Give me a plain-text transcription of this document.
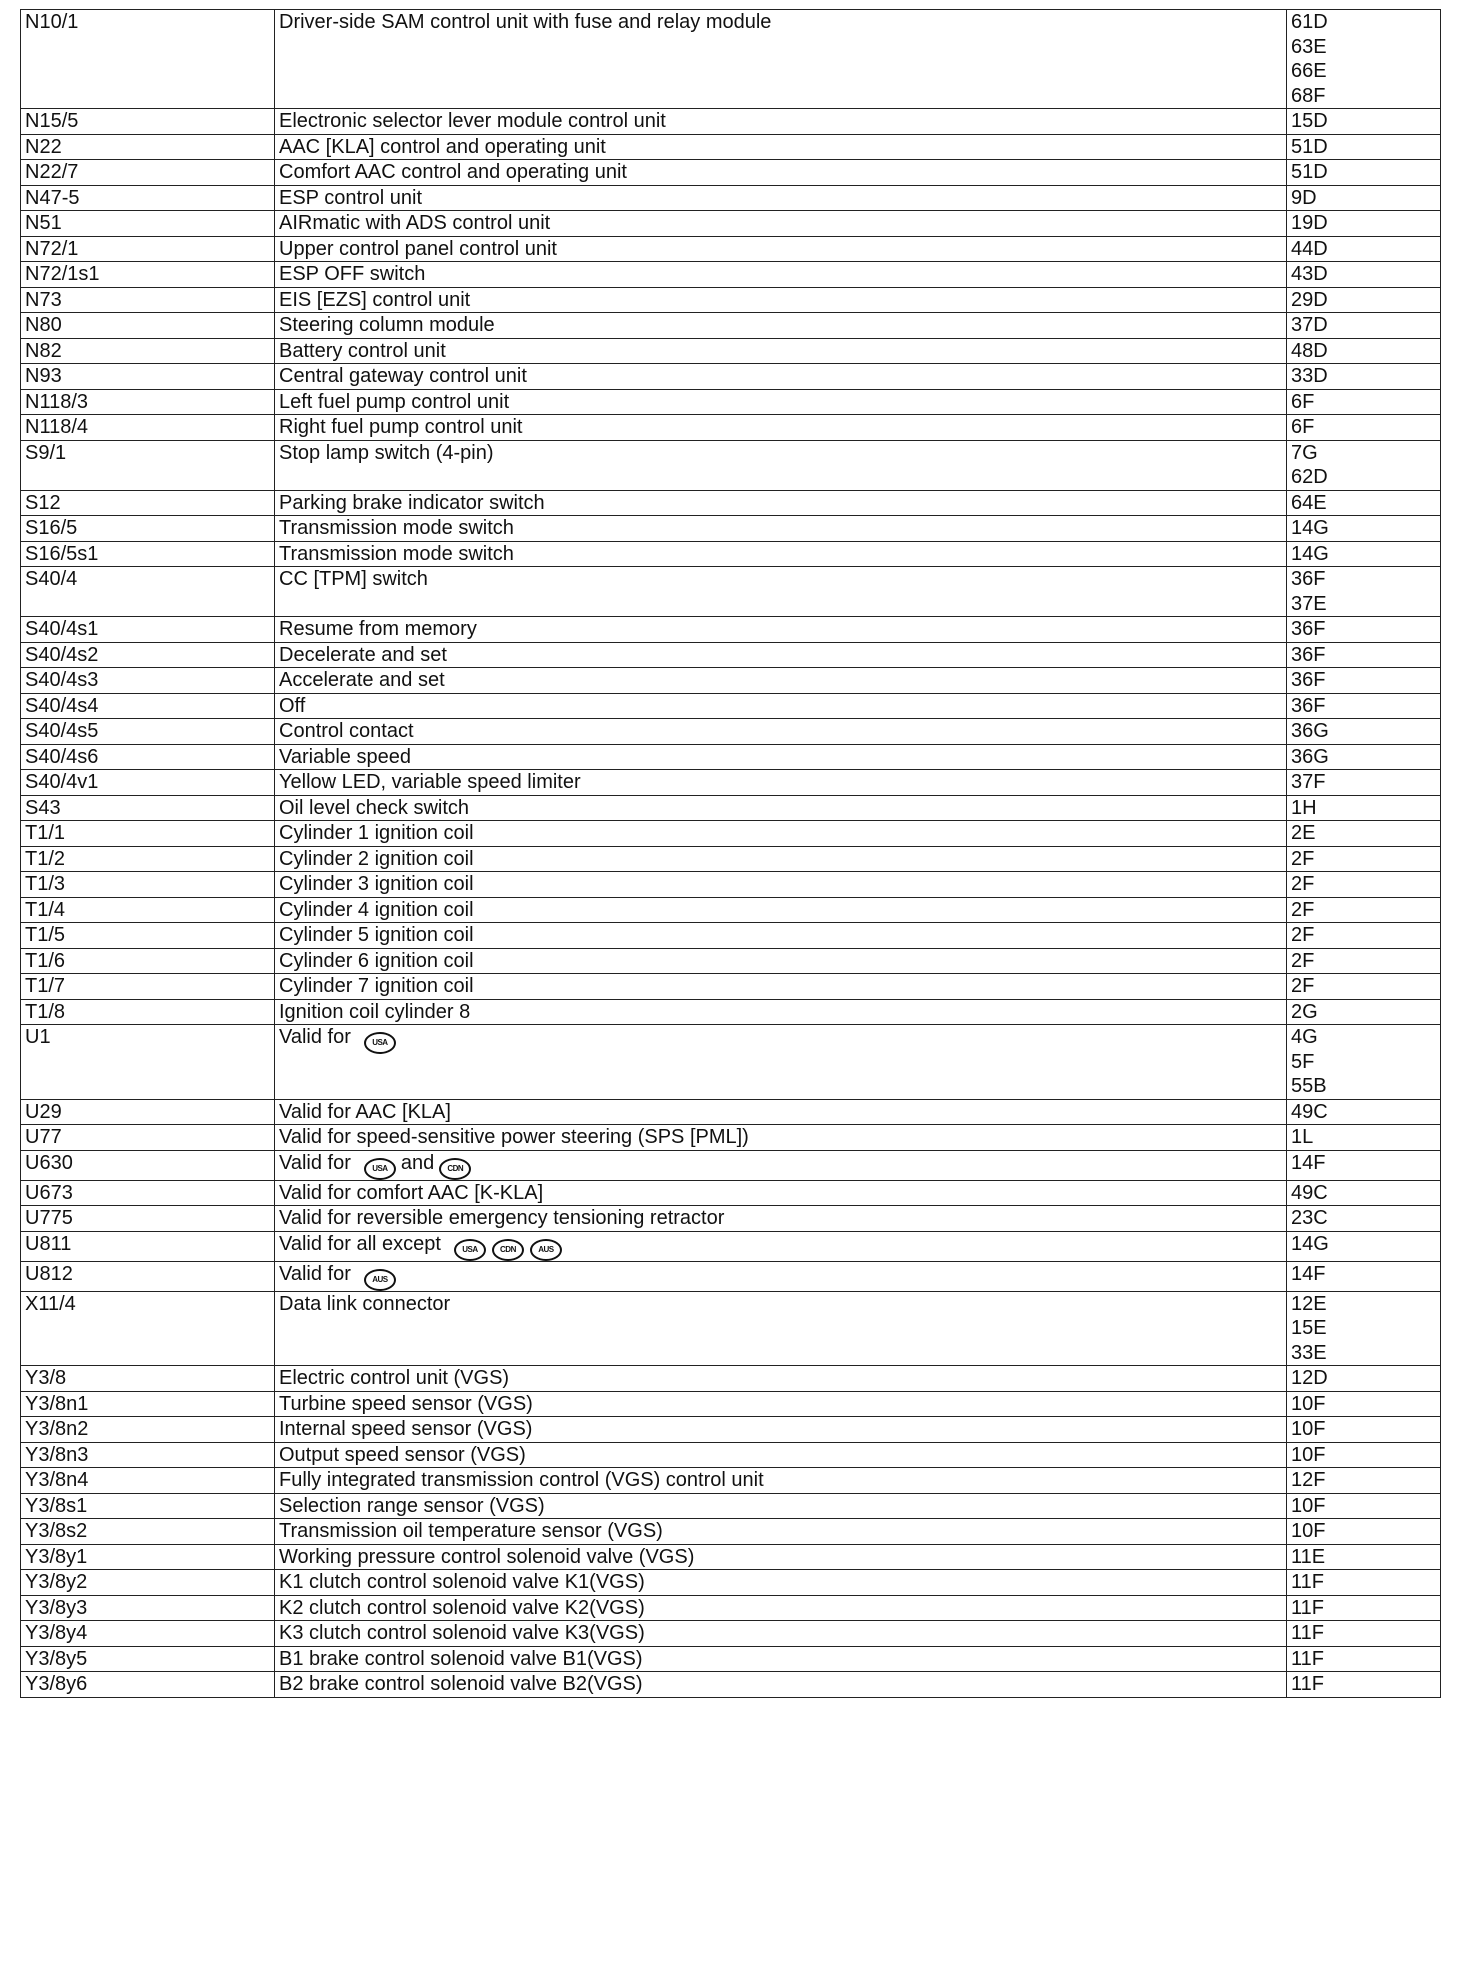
N10/1	Driver-side SAM control unit with fuse and relay module	61D
63E
66E
68F

N15/5	Electronic selector lever module control unit	15D

N22	AAC [KLA] control and operating unit	51D

N22/7	Comfort AAC control and operating unit	51D

N47-5	ESP control unit	9D

N51	AIRmatic with ADS control unit	19D

N72/1	Upper control panel control unit	44D

N72/1s1	ESP OFF switch	43D

N73	EIS [EZS] control unit	29D

N80	Steering column module	37D

N82	Battery control unit	48D

N93	Central gateway control unit	33D

N118/3	Left fuel pump control unit	6F

N118/4	Right fuel pump control unit	6F

S9/1	Stop lamp switch (4-pin)	7G
62D

S12	Parking brake indicator switch	64E

S16/5	Transmission mode switch	14G

S16/5s1	Transmission mode switch	14G

S40/4	CC [TPM] switch	36F
37E

S40/4s1	Resume from memory	36F

S40/4s2	Decelerate and set	36F

S40/4s3	Accelerate and set	36F

S40/4s4	Off	36F

S40/4s5	Control contact	36G

S40/4s6	Variable speed	36G

S40/4v1	Yellow LED, variable speed limiter	37F

S43	Oil level check switch	1H

T1/1	Cylinder 1 ignition coil	2E

T1/2	Cylinder 2 ignition coil	2F

T1/3	Cylinder 3 ignition coil	2F

T1/4	Cylinder 4 ignition coil	2F

T1/5	Cylinder 5 ignition coil	2F

T1/6	Cylinder 6 ignition coil	2F

T1/7	Cylinder 7 ignition coil	2F

T1/8	Ignition coil cylinder 8	2G

U1	Valid for USA	4G
5F
55B

U29	Valid for AAC [KLA]	49C

U77	Valid for speed-sensitive power steering (SPS [PML])	1L

U630	Valid for USA and CDN	14F

U673	Valid for comfort AAC [K-KLA]	49C

U775	Valid for reversible emergency tensioning retractor	23C

U811	Valid for all except USA CDN AUS	14G

U812	Valid for AUS	14F

X11/4	Data link connector	12E
15E
33E

Y3/8	Electric control unit (VGS)	12D

Y3/8n1	Turbine speed sensor (VGS)	10F

Y3/8n2	Internal speed sensor (VGS)	10F

Y3/8n3	Output speed sensor (VGS)	10F

Y3/8n4	Fully integrated transmission control (VGS) control unit	12F

Y3/8s1	Selection range sensor (VGS)	10F

Y3/8s2	Transmission oil temperature sensor (VGS)	10F

Y3/8y1	Working pressure control solenoid valve (VGS)	11E

Y3/8y2	K1 clutch control solenoid valve K1(VGS)	11F

Y3/8y3	K2 clutch control solenoid valve K2(VGS)	11F

Y3/8y4	K3 clutch control solenoid valve K3(VGS)	11F

Y3/8y5	B1 brake control solenoid valve B1(VGS)	11F

Y3/8y6	B2 brake control solenoid valve B2(VGS)	11F
